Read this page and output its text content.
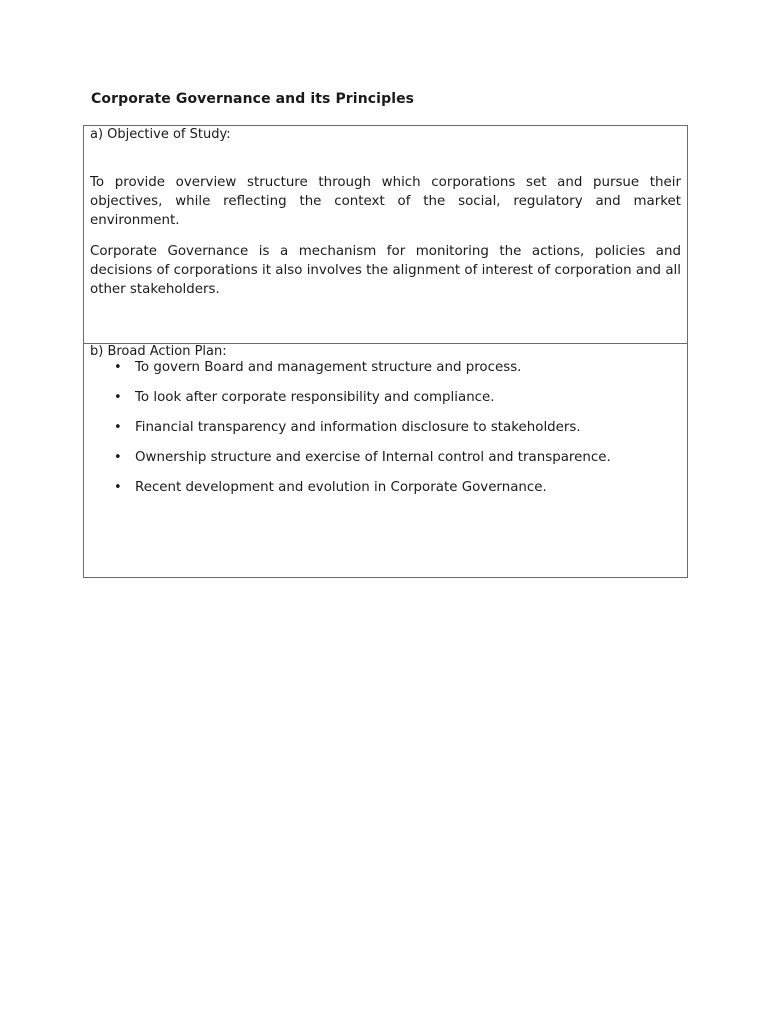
Corporate Governance and its Principles
a) Objective of Study:

To provide overview structure through which corporations set and pursue their objectives, while reflecting the context of the social, regulatory and market environment.

Corporate Governance is a mechanism for monitoring the actions, policies and decisions of corporations it also involves the alignment of interest of corporation and all other stakeholders.

b) Broad Action Plan:
• To govern Board and management structure and process.
• To look after corporate responsibility and compliance.
• Financial transparency and information disclosure to stakeholders.
• Ownership structure and exercise of Internal control and transparence.
• Recent development and evolution in Corporate Governance.
